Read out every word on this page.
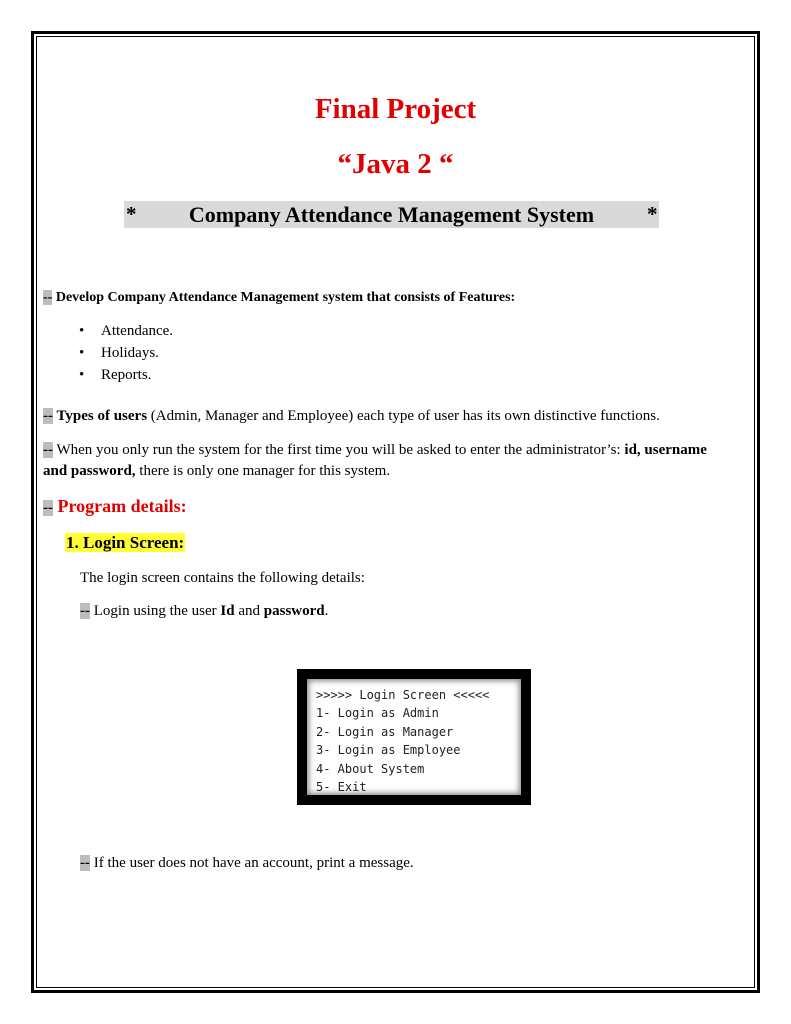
Final Project
“Java 2 “
*	Company Attendance Management System	*
-- Develop Company Attendance Management system that consists of Features:
• Attendance.
• Holidays.
• Reports.
-- Types of users (Admin, Manager and Employee) each type of user has its own distinctive functions.
-- When you only run the system for the first time you will be asked to enter the administrator’s: id, username
and password, there is only one manager for this system.
-- Program details:
1. Login Screen:
The login screen contains the following details:
-- Login using the user Id and password.
>>>>> Login Screen <<<<<
1- Login as Admin
2- Login as Manager
3- Login as Employee
4- About System
5- Exit
-- If the user does not have an account, print a message.
